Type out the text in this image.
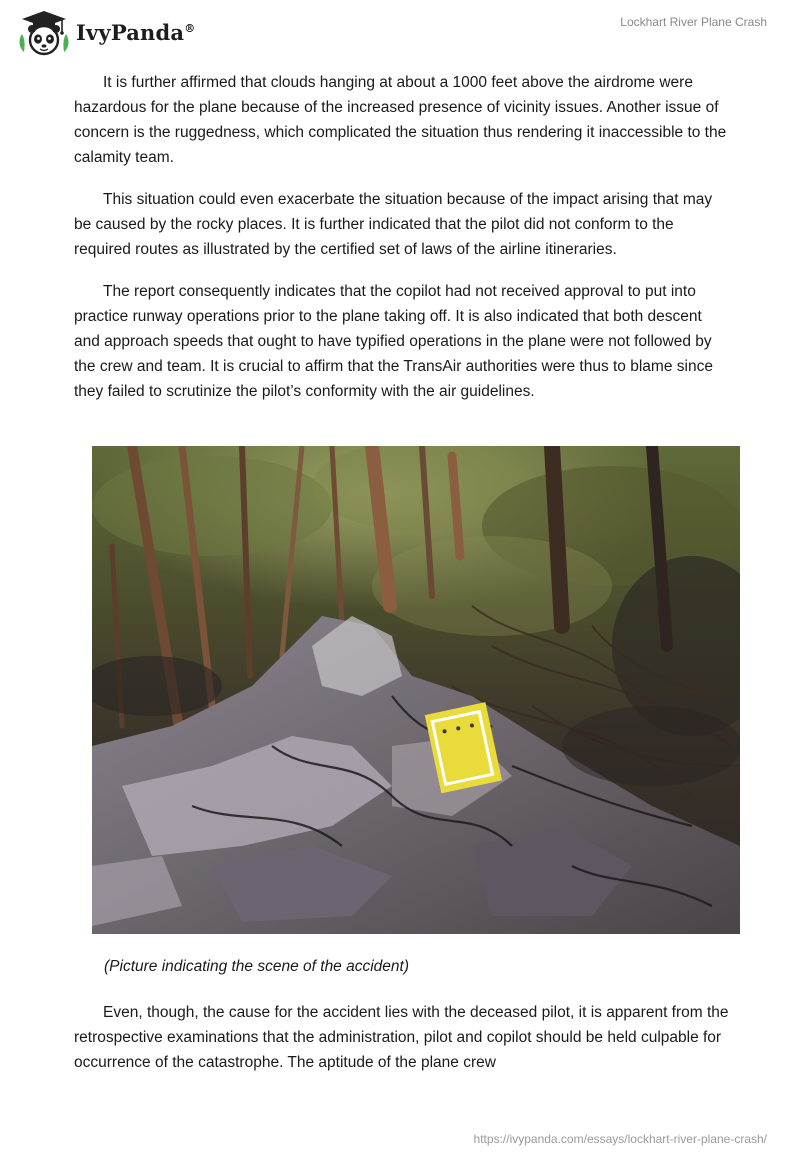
IvyPanda®	Lockhart River Plane Crash

It is further affirmed that clouds hanging at about a 1000 feet above the airdrome were hazardous for the plane because of the increased presence of vicinity issues. Another issue of concern is the ruggedness, which complicated the situation thus rendering it inaccessible to the calamity team.

This situation could even exacerbate the situation because of the impact arising that may be caused by the rocky places. It is further indicated that the pilot did not conform to the required routes as illustrated by the certified set of laws of the airline itineraries.

The report consequently indicates that the copilot had not received approval to put into practice runway operations prior to the plane taking off. It is also indicated that both descent and approach speeds that ought to have typified operations in the plane were not followed by the crew and team. It is crucial to affirm that the TransAir authorities were thus to blame since they failed to scrutinize the pilot’s conformity with the air guidelines.

(Picture indicating the scene of the accident)

Even, though, the cause for the accident lies with the deceased pilot, it is apparent from the retrospective examinations that the administration, pilot and copilot should be held culpable for occurrence of the catastrophe. The aptitude of the plane crew

https://ivypanda.com/essays/lockhart-river-plane-crash/
